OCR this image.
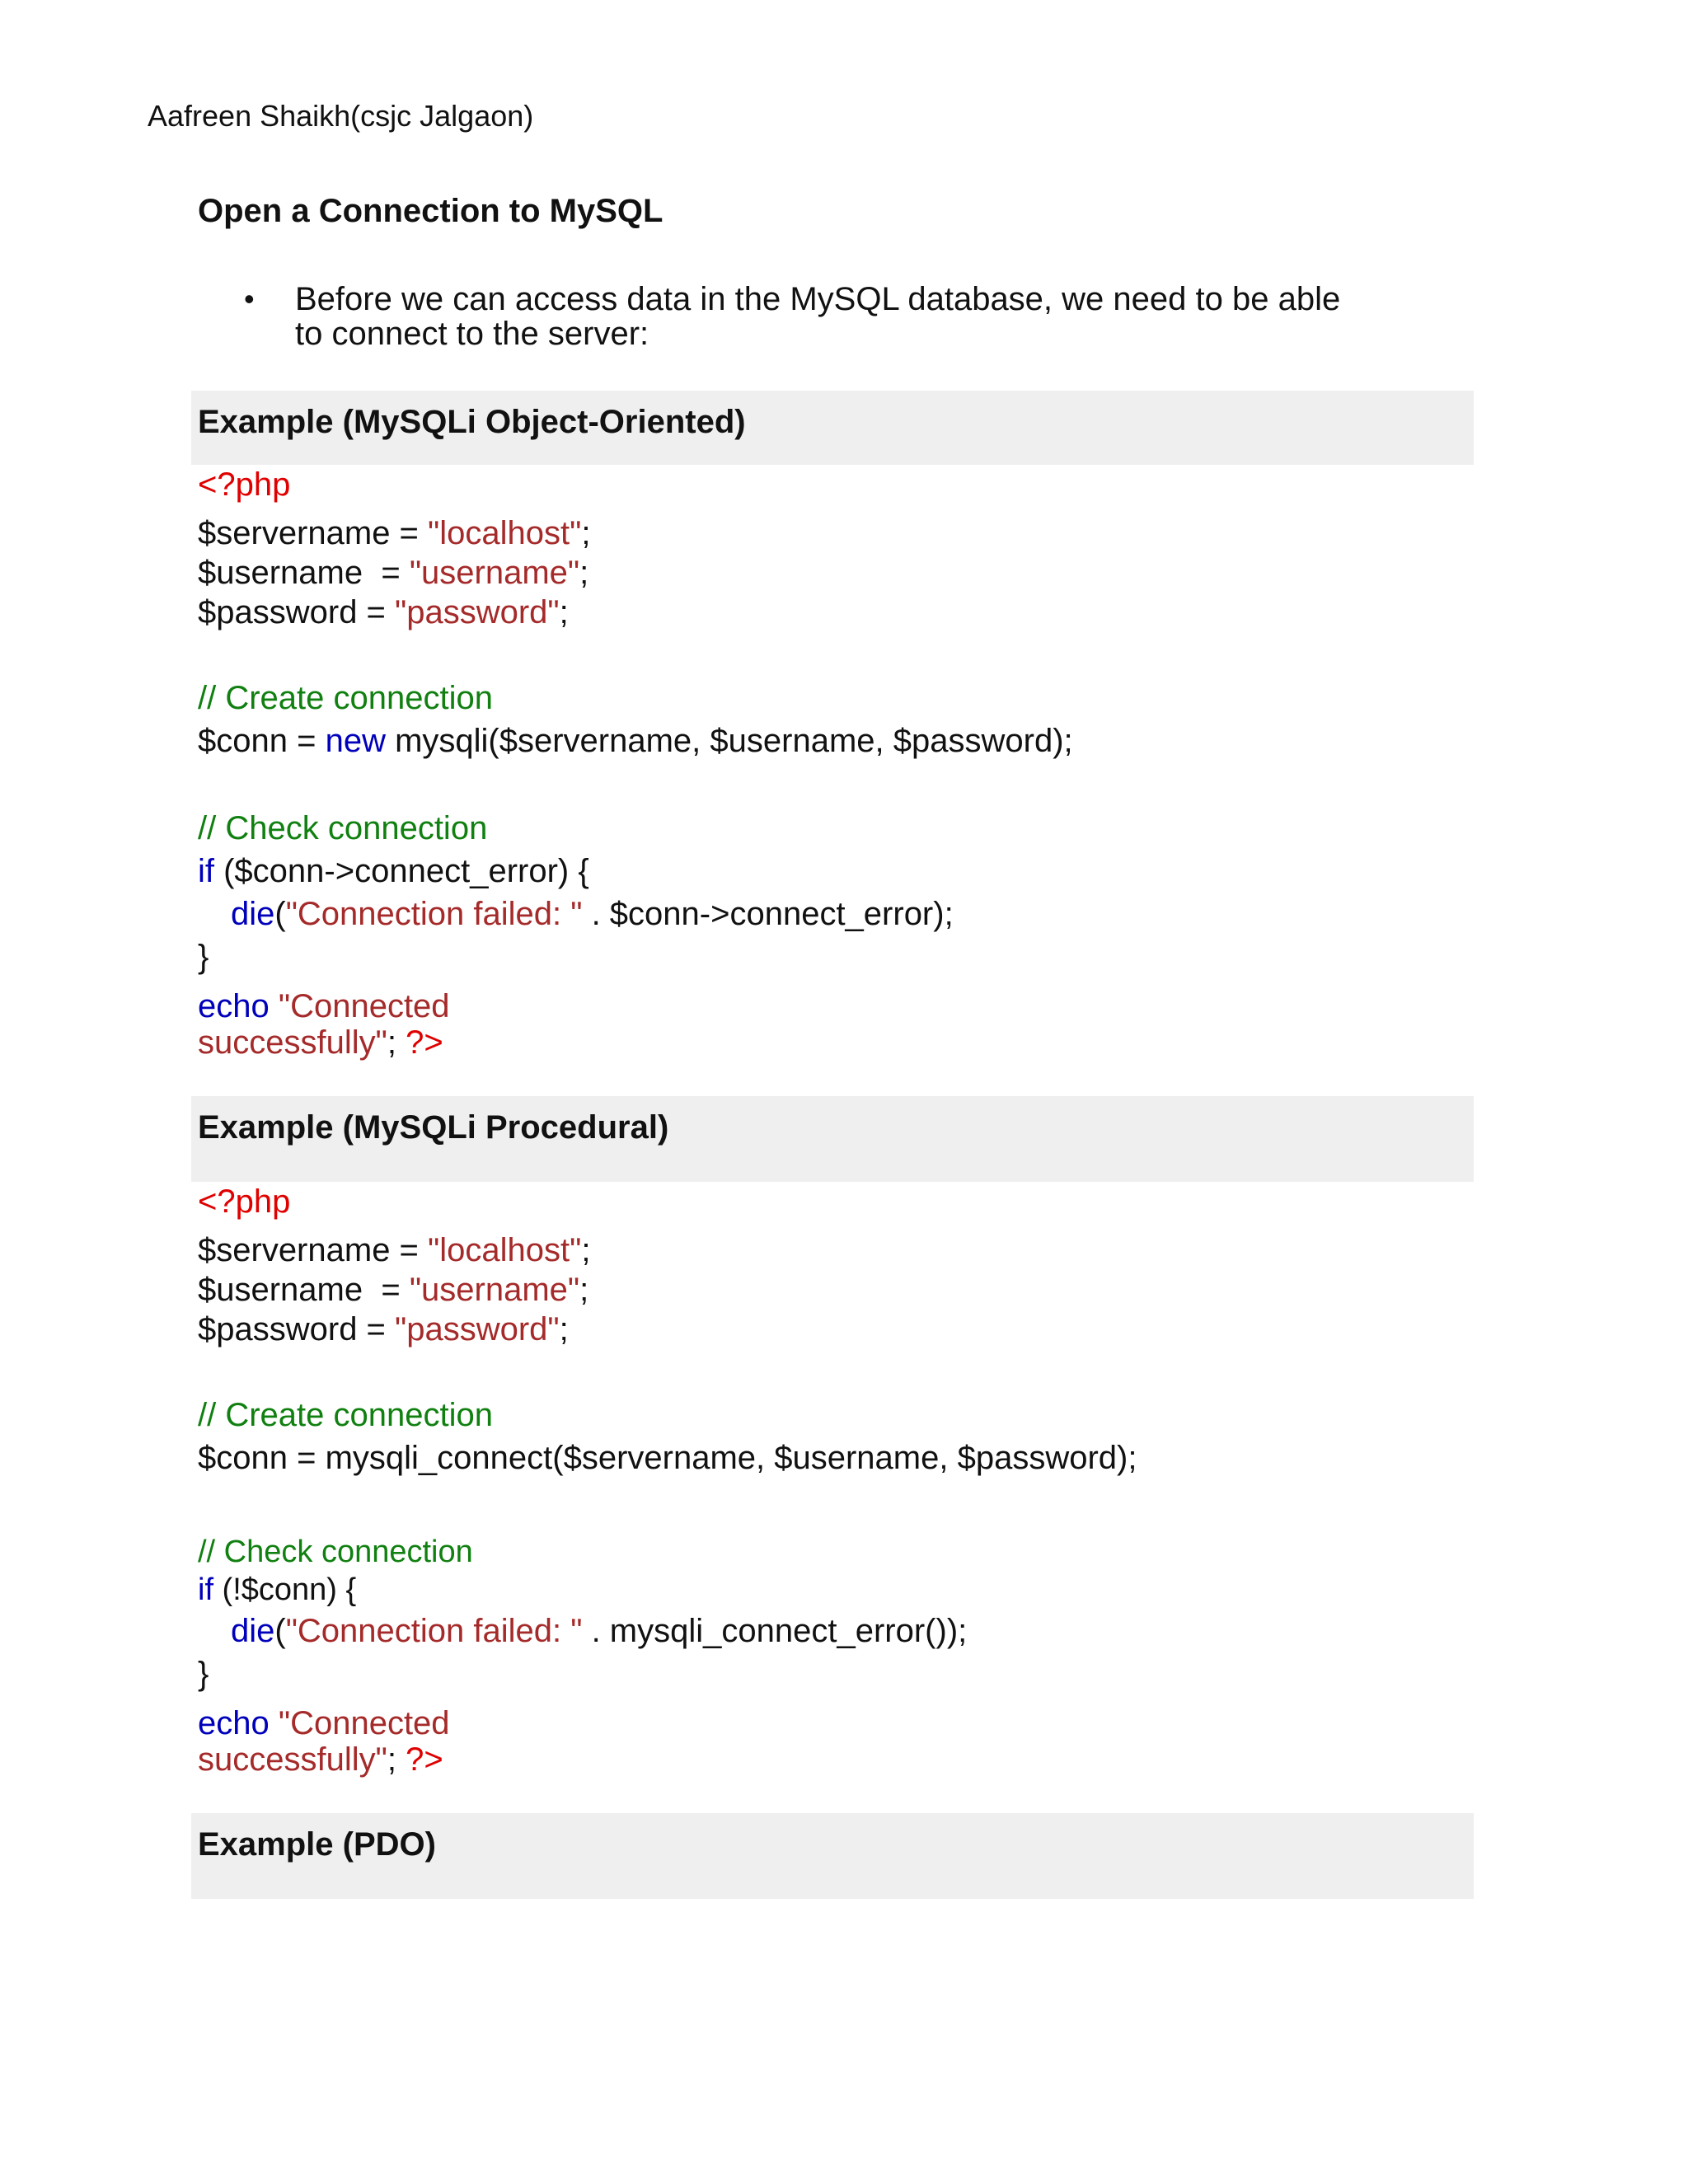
Aafreen Shaikh(csjc Jalgaon)
Open a Connection to MySQL
• Before we can access data in the MySQL database, we need to be able
to connect to the server:
Example (MySQLi Object-Oriented)
<?php
$servername = "localhost";
$username  = "username";
$password = "password";
// Create connection
$conn = new mysqli($servername, $username, $password);
// Check connection
if ($conn->connect_error) {
die("Connection failed: " . $conn->connect_error);
}
echo "Connected
successfully"; ?>
Example (MySQLi Procedural)
<?php
$servername = "localhost";
$username  = "username";
$password = "password";
// Create connection
$conn = mysqli_connect($servername, $username, $password);
// Check connection
if (!$conn) {
die("Connection failed: " . mysqli_connect_error());
}
echo "Connected
successfully"; ?>
Example (PDO)
